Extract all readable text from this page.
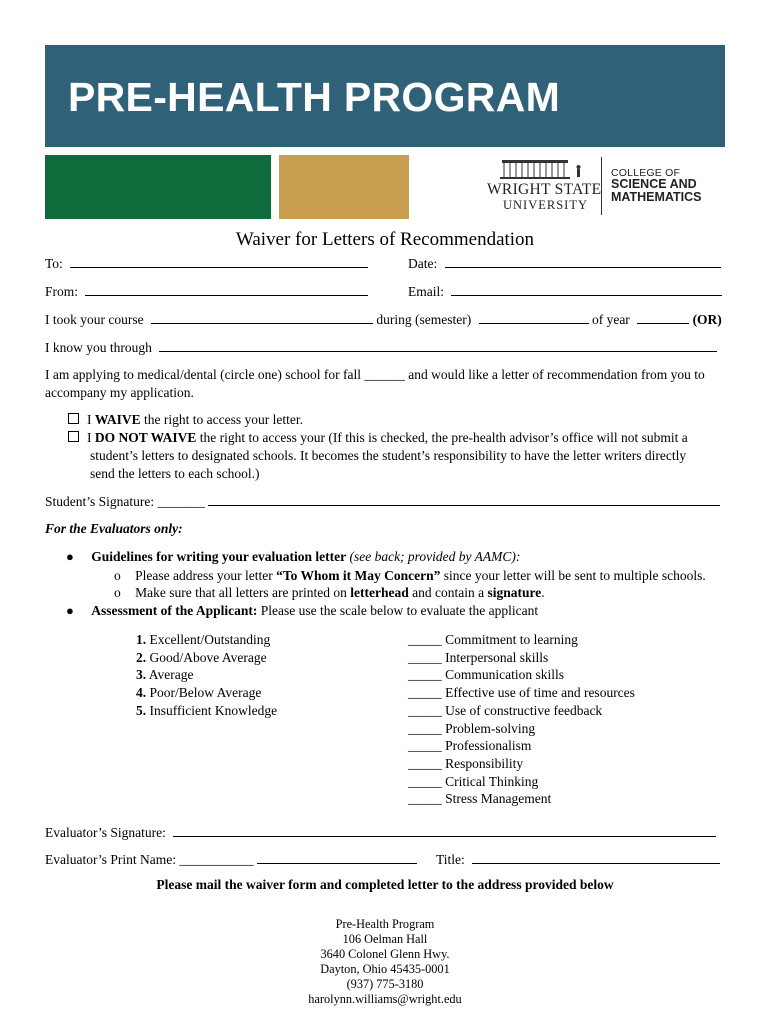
PRE-HEALTH PROGRAM
WRIGHT STATE
UNIVERSITY
COLLEGE OF
SCIENCE AND
MATHEMATICS
Waiver for Letters of Recommendation
To:	Date:
From:	Email:
I took your course	during (semester)	of year	(OR)
I know you through
I am applying to medical/dental (circle one) school for fall ______ and would like a letter of recommendation from you to accompany my application.
I WAIVE the right to access your letter.
I DO NOT WAIVE the right to access your (If this is checked, the pre-health advisor’s office will not submit a
student’s letters to designated schools. It becomes the student’s responsibility to have the letter writers directly
send the letters to each school.)
Student’s Signature: _______
For the Evaluators only:
● Guidelines for writing your evaluation letter (see back; provided by AAMC):
o Please address your letter “To Whom it May Concern” since your letter will be sent to multiple schools.
o Make sure that all letters are printed on letterhead and contain a signature.
● Assessment of the Applicant: Please use the scale below to evaluate the applicant
1. Excellent/Outstanding
2. Good/Above Average
3. Average
4. Poor/Below Average
5. Insufficient Knowledge
_____ Commitment to learning
_____ Interpersonal skills
_____ Communication skills
_____ Effective use of time and resources
_____ Use of constructive feedback
_____ Problem-solving
_____ Professionalism
_____ Responsibility
_____ Critical Thinking
_____ Stress Management
Evaluator’s Signature:
Evaluator’s Print Name: ___________	Title:
Please mail the waiver form and completed letter to the address provided below
Pre-Health Program
106 Oelman Hall
3640 Colonel Glenn Hwy.
Dayton, Ohio 45435-0001
(937) 775-3180
harolynn.williams@wright.edu
